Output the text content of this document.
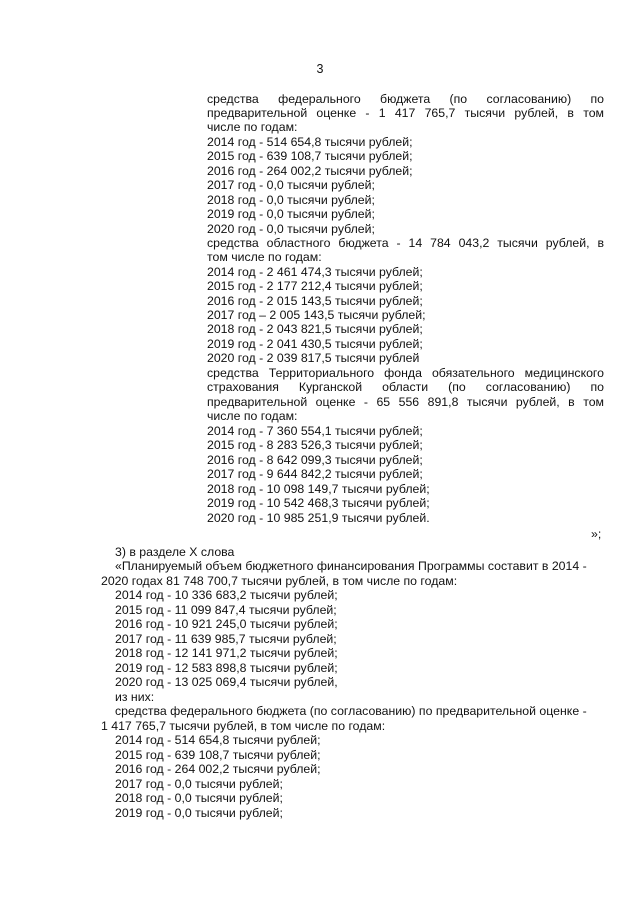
3
средства федерального бюджета (по согласованию) по
предварительной оценке - 1 417 765,7 тысячи рублей, в том
числе по годам:
2014 год - 514 654,8 тысячи рублей;
2015 год - 639 108,7 тысячи рублей;
2016 год - 264 002,2 тысячи рублей;
2017 год - 0,0 тысячи рублей;
2018 год - 0,0 тысячи рублей;
2019 год - 0,0 тысячи рублей;
2020 год - 0,0 тысячи рублей;
средства областного бюджета - 14 784 043,2 тысячи рублей, в
том числе по годам:
2014 год - 2 461 474,3 тысячи рублей;
2015 год - 2 177 212,4 тысячи рублей;
2016 год - 2 015 143,5 тысячи рублей;
2017 год – 2 005 143,5 тысячи рублей;
2018 год - 2 043 821,5 тысячи рублей;
2019 год - 2 041 430,5 тысячи рублей;
2020 год - 2 039 817,5 тысячи рублей
средства Территориального фонда обязательного медицинского
страхования Курганской области (по согласованию) по
предварительной оценке - 65 556 891,8 тысячи рублей, в том
числе по годам:
2014 год - 7 360 554,1 тысячи рублей;
2015 год - 8 283 526,3 тысячи рублей;
2016 год - 8 642 099,3 тысячи рублей;
2017 год - 9 644 842,2 тысячи рублей;
2018 год - 10 098 149,7 тысячи рублей;
2019 год - 10 542 468,3 тысячи рублей;
2020 год - 10 985 251,9 тысячи рублей.
»;
3) в разделе X слова
«Планируемый объем бюджетного финансирования Программы составит в 2014 -
2020 годах 81 748 700,7 тысячи рублей, в том числе по годам:
2014 год - 10 336 683,2 тысячи рублей;
2015 год - 11 099 847,4 тысячи рублей;
2016 год - 10 921 245,0 тысячи рублей;
2017 год - 11 639 985,7 тысячи рублей;
2018 год - 12 141 971,2 тысячи рублей;
2019 год - 12 583 898,8 тысячи рублей;
2020 год - 13 025 069,4 тысячи рублей,
из них:
средства федерального бюджета (по согласованию) по предварительной оценке -
1 417 765,7 тысячи рублей, в том числе по годам:
2014 год - 514 654,8 тысячи рублей;
2015 год - 639 108,7 тысячи рублей;
2016 год - 264 002,2 тысячи рублей;
2017 год - 0,0 тысячи рублей;
2018 год - 0,0 тысячи рублей;
2019 год - 0,0 тысячи рублей;
